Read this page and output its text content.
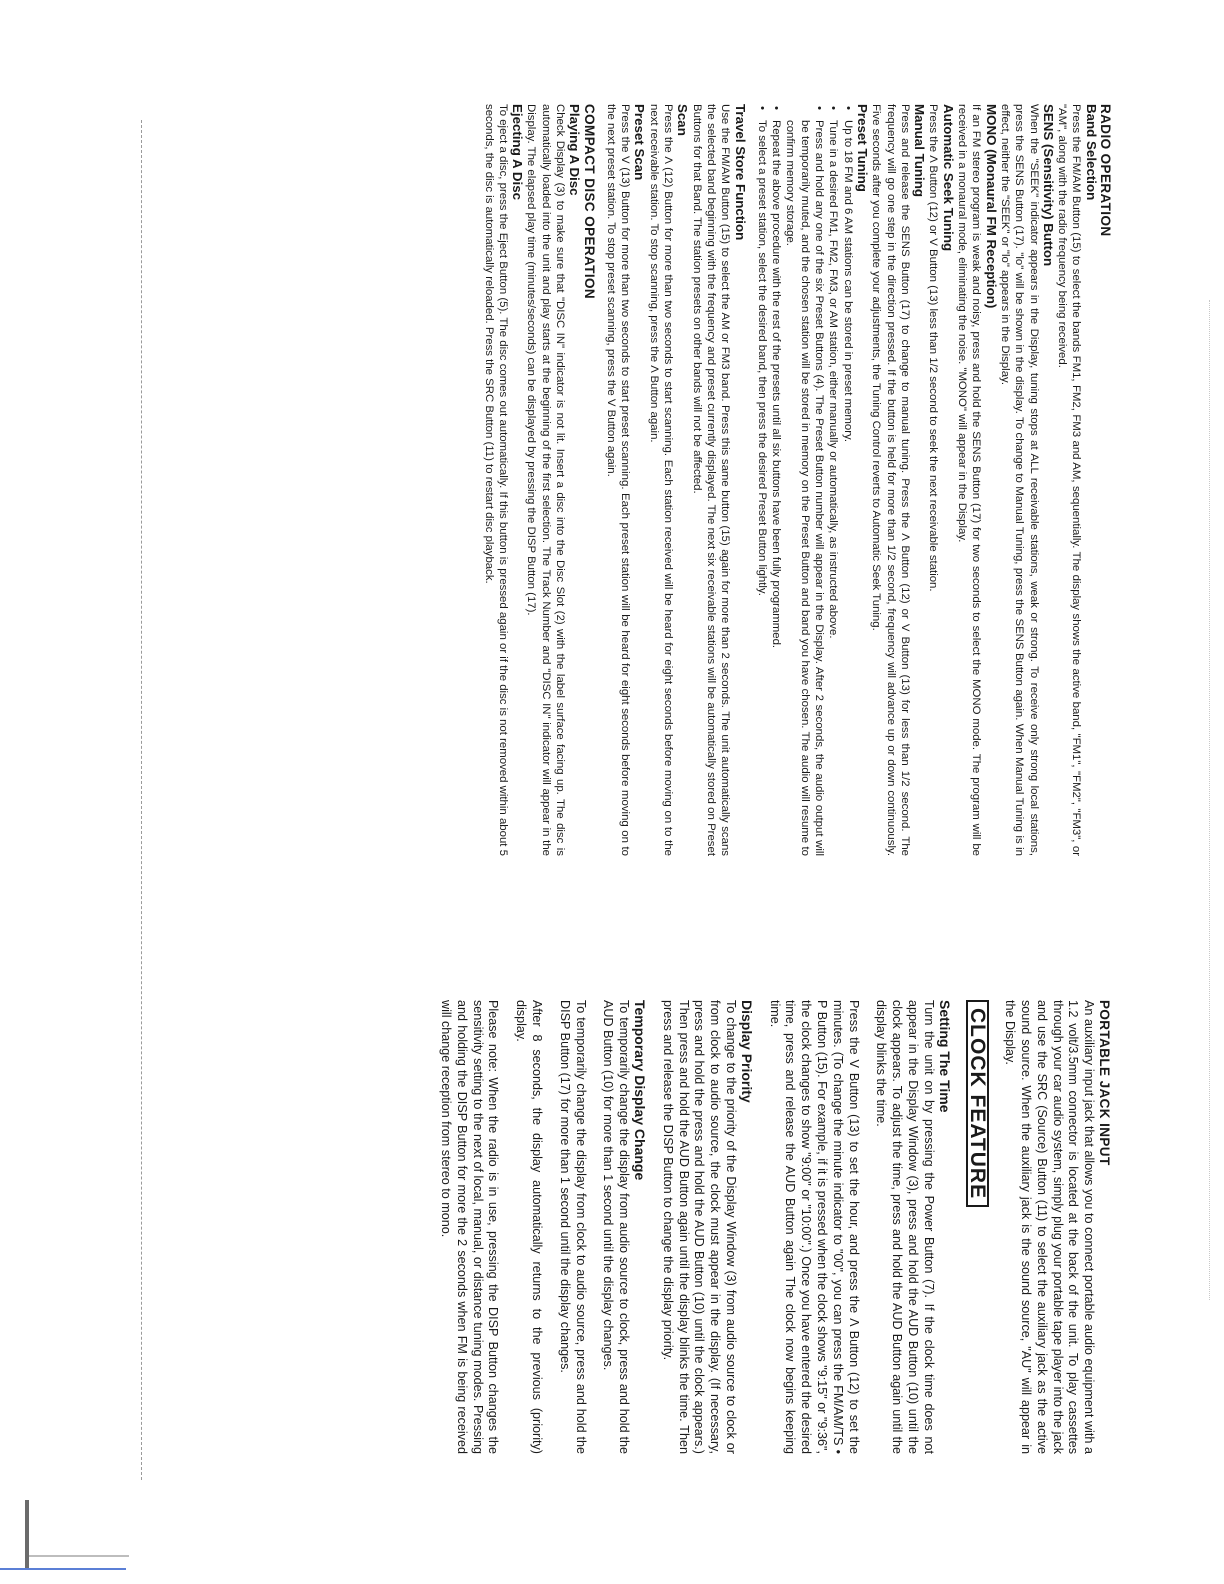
RADIO OPERATION
Band Selection

Press the FM/AM Button (15) to select the bands FM1, FM2, FM3 and AM, sequentially. The display shows the active band, "FM1", "FM2", "FM3", or "AM", along with the radio frequency being received.

SENS (Sensitivity) Button

When the "SEEK" indicator appears in the Display, tuning stops at ALL receivable stations, weak or strong. To receive only strong local stations, press the SENS Button (17). "lo" will be shown in the display. To change to Manual Tuning, press the SENS Button again. When Manual Tuning is in effect, neither the "SEEK" or "lo" appears in the Display.

MONO (Monaural FM Reception)

If an FM stereo program is weak and noisy, press and hold the SENS Button (17) for two seconds to select the MONO mode. The program will be received in a monaural mode, eliminating the noise. "MONO" will appear in the Display.

Automatic Seek Tuning

Press the Λ Button (12) or V Button (13) less than 1/2 second to seek the next receivable station.

Manual Tuning

Press and release the SENS Button (17) to change to manual tuning. Press the Λ Button (12) or V Button (13) for less than 1/2 second. The frequency will go one step in the direction pressed. If the button is held for more than 1/2 second, frequency will advance up or down continuously. Five seconds after you complete your adjustments, the Tuning Control reverts to Automatic Seek Tuning.

Preset Tuning
• Up to 18 FM and 6 AM stations can be stored in preset memory.
• Tune in a desired FM1, FM2, FM3, or AM station, either manually or automatically, as instructed above.
• Press and hold any one of the six Preset Buttons (4). The Preset Button number will appear in the Display. After 2 seconds, the audio output will be temporarily muted, and the chosen station will be stored in memory on the Preset Button and band you have chosen. The audio will resume to confirm memory storage.
• Repeat the above procedure with the rest of the presets until all six buttons have been fully programmed.
• To select a preset station, select the desired band, then press the desired Preset Button lightly.
Travel Store Function

Use the FM/AM Button (15) to select the AM or FM3 band. Press this same button (15) again for more than 2 seconds. The unit automatically scans the selected band beginning with the frequency and preset currently displayed. The next six receivable stations will be automatically stored on Preset Buttons for that Band. The station presets on other bands will not be affected.

Scan

Press the Λ (12) Button for more than two seconds to start scanning. Each station received will be heard for eight seconds before moving on to the next receivable station. To stop scanning, press the Λ Button again.

Preset Scan

Press the V (13) Button for more than two seconds to start preset scanning. Each preset station will be heard for eight seconds before moving on to the next preset station. To stop preset scanning, press the V Button again.

COMPACT DISC OPERATION
Playing A Disc

Check Display (3) to make sure that "DISC IN" indicator is not lit. Insert a disc into the Disc Slot (2) with the label surface facing up. The disc is automatically loaded into the unit and play starts at the beginning of the first selection. The Track Number and "DISC IN" indicator will appear in the Display. The elapsed play time (minutes/seconds) can be displayed by pressing the DISP Button (17).

Ejecting A Disc

To eject a disc, press the Eject Button (5). The disc comes out automatically. If this button is pressed again or if the disc is not removed within about 5 seconds, the disc is automatically reloaded. Press the SRC Button (11) to restart disc playback.

PORTABLE JACK INPUT

An auxiliary input jack that allows you to connect portable audio equipment with a 1.2 volt/3.5mm connector is located at the back of the unit. To play cassettes through your car audio system, simply plug your portable tape player into the jack and use the SRC (Source) Button (11) to select the auxiliary jack as the active sound source. When the auxiliary jack is the sound source, "AU" will appear in the Display.

CLOCK FEATURE
Setting The Time

Turn the unit on by pressing the Power Button (7). If the clock time does not appear in the Display Window (3), press and hold the AUD Button (10) until the clock appears. To adjust the time, press and hold the AUD Button again until the display blinks the time.

Press the V Button (13) to set the hour, and press the Λ Button (12) to set the minutes. (To change the minute indicator to "00", you can press the FM/AM/TS • P Button (15). For example, if it is pressed when the clock shows "9:15" or "9:36", the clock changes to show "9:00" or "10:00".) Once you have entered the desired time, press and release the AUD Button again The clock now begins keeping time.

Display Priority

To change to the priority of the Display Window (3) from audio source to clock or from clock to audio source, the clock must appear in the display. (If necessary, press and hold the press and hold the AUD Button (10) until the clock appears.) Then press and hold the AUD Button again until the display blinks the time. Then press and release the DISP Button to change the display priority.

Temporary Display Change

To temporarily change the display from audio source to clock, press and hold the AUD Button (10) for more than 1 second until the display changes.

To temporarily change the display from clock to audio source, press and hold the DISP Button (17) for more than 1 second until the display changes.

After 8 seconds, the display automatically returns to the previous (priority) display.

Please note: When the radio is in use, pressing the DISP Button changes the sensitivity setting to the next of local, manual, or distance tuning modes. Pressing and holding the DISP Button for more the 2 seconds when FM is being received will change reception from stereo to mono.
